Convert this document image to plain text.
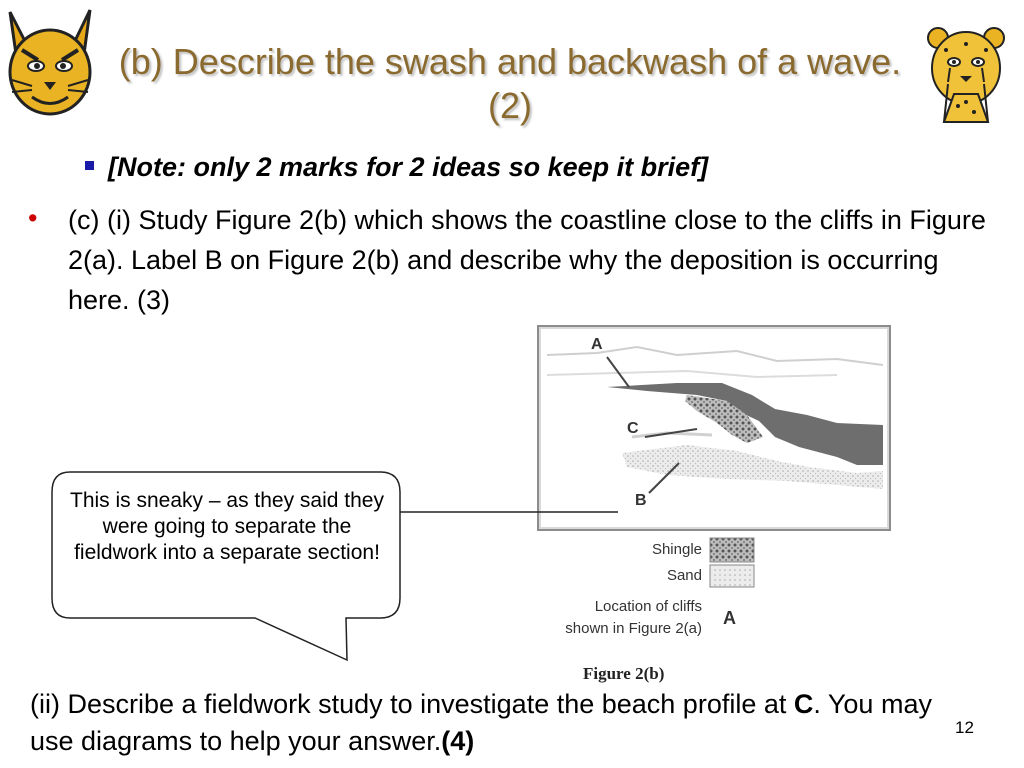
(b) Describe the swash and backwash of a wave.(2)
[Note: only 2 marks for 2 ideas so keep it brief]
• (c) (i) Study Figure 2(b) which shows the coastline close to the cliffs in Figure 2(a). Label B on Figure 2(b) and describe why the deposition is occurring here. (3)
A
C
B
Shingle
Sand
Location of cliffs
shown in Figure 2(a)
A
Figure 2(b)
This is sneaky – as they said they were going to separate the fieldwork into a separate section!
(ii) Describe a fieldwork study to investigate the beach profile at C. You may use diagrams to help your answer.(4)	12
